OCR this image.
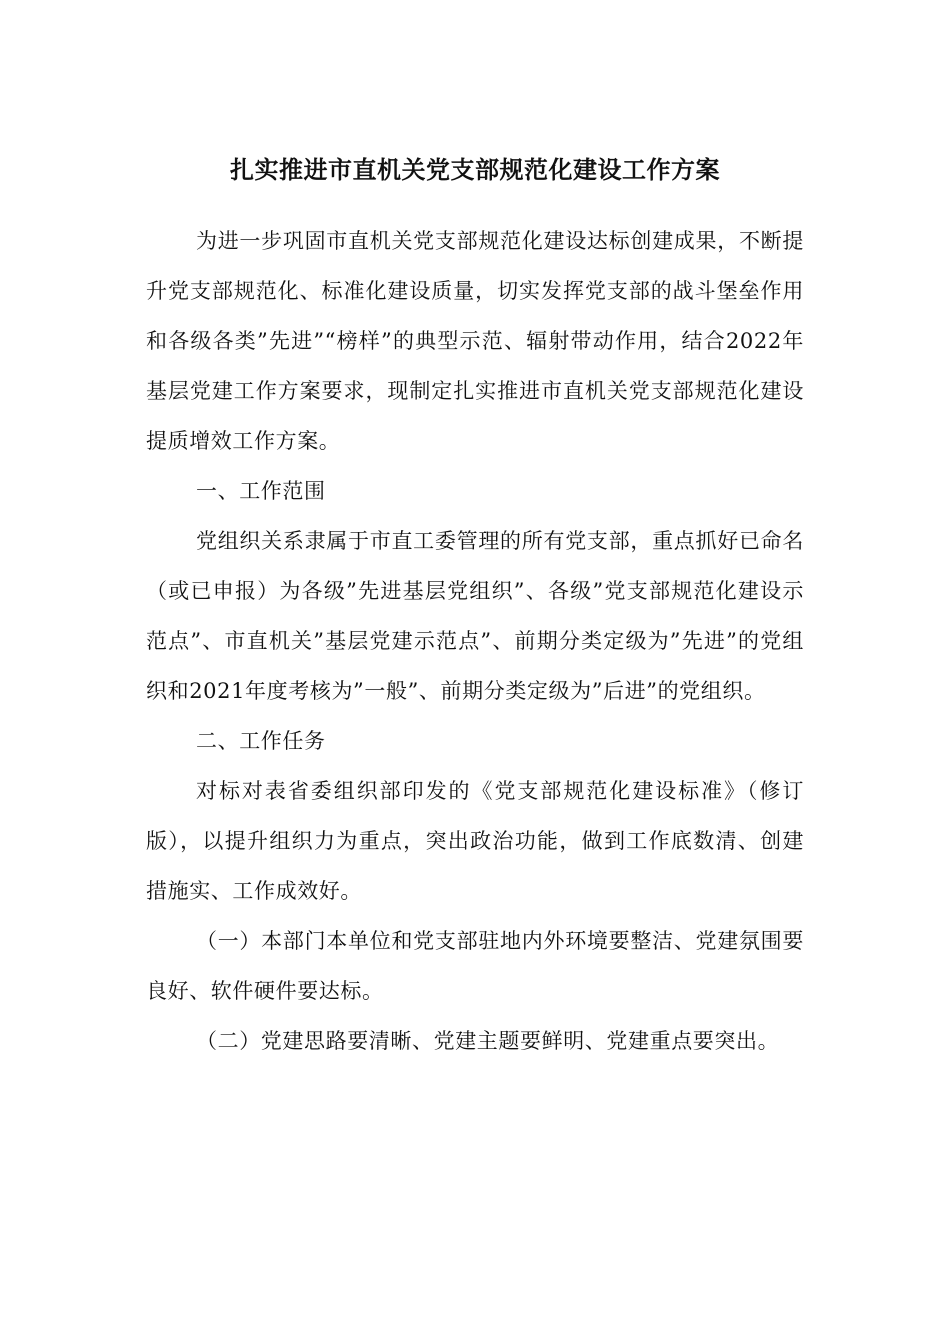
扎实推进市直机关党支部规范化建设工作方案

为进一步巩固市直机关党支部规范化建设达标创建成果，不断提升党支部规范化、标准化建设质量，切实发挥党支部的战斗堡垒作用和各级各类”先进”“榜样”的典型示范、辐射带动作用，结合2022年基层党建工作方案要求，现制定扎实推进市直机关党支部规范化建设提质增效工作方案。

一、工作范围

党组织关系隶属于市直工委管理的所有党支部，重点抓好已命名（或已申报）为各级”先进基层党组织”、各级”党支部规范化建设示范点”、市直机关”基层党建示范点”、前期分类定级为”先进”的党组织和2021年度考核为”一般”、前期分类定级为”后进”的党组织。

二、工作任务

对标对表省委组织部印发的《党支部规范化建设标准》（修订版），以提升组织力为重点，突出政治功能，做到工作底数清、创建措施实、工作成效好。

（一）本部门本单位和党支部驻地内外环境要整洁、党建氛围要良好、软件硬件要达标。

（二）党建思路要清晰、党建主题要鲜明、党建重点要突出。
